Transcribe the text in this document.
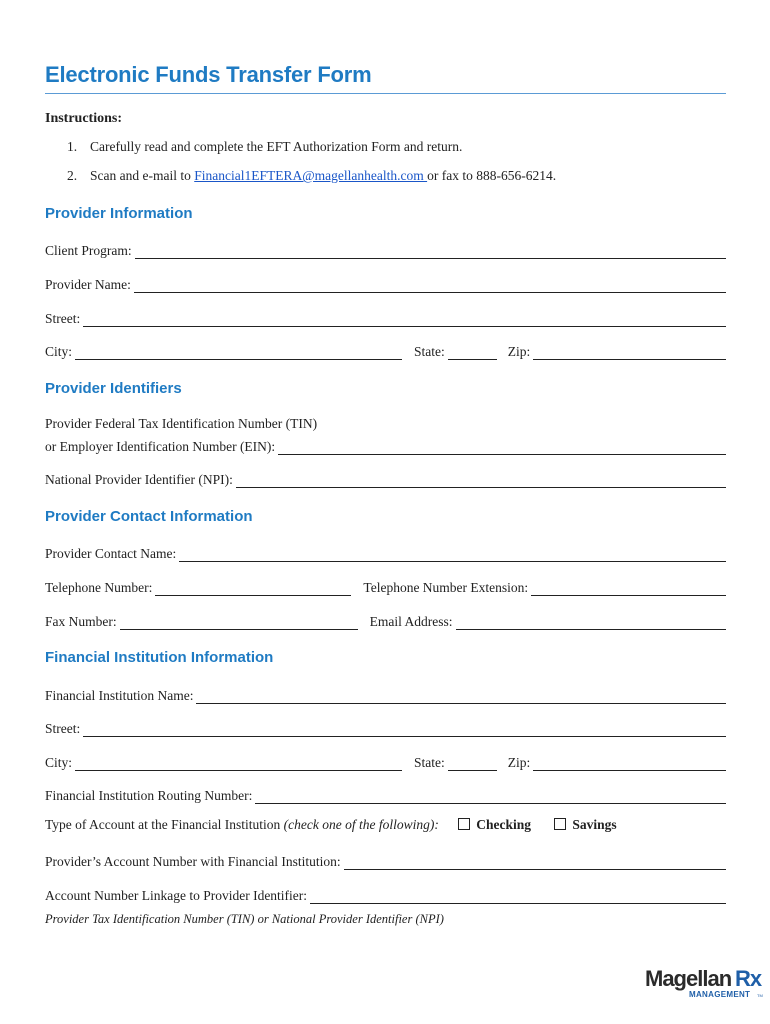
Electronic Funds Transfer Form
Instructions:
1. Carefully read and complete the EFT Authorization Form and return.
2. Scan and e-mail to Financial1EFTERA@magellanhealth.com or fax to 888-656-6214.
Provider Information
Client Program:
Provider Name:
Street:
City:	State:	Zip:
Provider Identifiers
Provider Federal Tax Identification Number (TIN)
or Employer Identification Number (EIN):
National Provider Identifier (NPI):
Provider Contact Information
Provider Contact Name:
Telephone Number:	Telephone Number Extension:
Fax Number:	Email Address:
Financial Institution Information
Financial Institution Name:
Street:
City:	State:	Zip:
Financial Institution Routing Number:
Type of Account at the Financial Institution (check one of the following):	Checking	Savings
Provider’s Account Number with Financial Institution:
Account Number Linkage to Provider Identifier:
Provider Tax Identification Number (TIN) or National Provider Identifier (NPI)
Magellan Rx
MANAGEMENT TM
